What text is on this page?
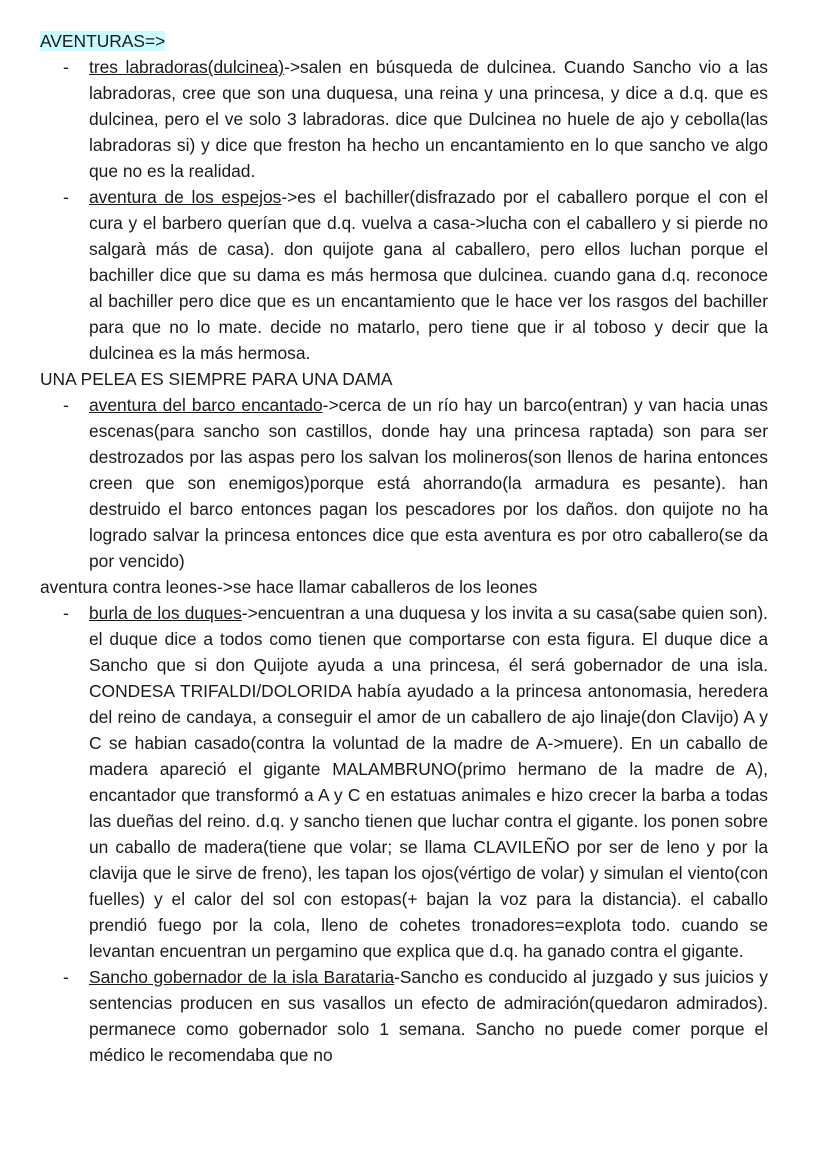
AVENTURAS=>
- tres labradoras(dulcinea)->salen en búsqueda de dulcinea. Cuando Sancho vio a las labradoras, cree que son una duquesa, una reina y una princesa, y dice a d.q. que es dulcinea, pero el ve solo 3 labradoras. dice que Dulcinea no huele de ajo y cebolla(las labradoras si) y dice que freston ha hecho un encantamiento en lo que sancho ve algo que no es la realidad.
- aventura de los espejos->es el bachiller(disfrazado por el caballero porque el con el cura y el barbero querían que d.q. vuelva a casa->lucha con el caballero y si pierde no salgarà más de casa). don quijote gana al caballero, pero ellos luchan porque el bachiller dice que su dama es más hermosa que dulcinea. cuando gana d.q. reconoce al bachiller pero dice que es un encantamiento que le hace ver los rasgos del bachiller para que no lo mate. decide no matarlo, pero tiene que ir al toboso y decir que la dulcinea es la más hermosa.
UNA PELEA ES SIEMPRE PARA UNA DAMA
- aventura del barco encantado->cerca de un río hay un barco(entran) y van hacia unas escenas(para sancho son castillos, donde hay una princesa raptada) son para ser destrozados por las aspas pero los salvan los molineros(son llenos de harina entonces creen que son enemigos)porque está ahorrando(la armadura es pesante). han destruido el barco entonces pagan los pescadores por los daños. don quijote no ha logrado salvar la princesa entonces dice que esta aventura es por otro caballero(se da por vencido)
aventura contra leones->se hace llamar caballeros de los leones
- burla de los duques->encuentran a una duquesa y los invita a su casa(sabe quien son). el duque dice a todos como tienen que comportarse con esta figura. El duque dice a Sancho que si don Quijote ayuda a una princesa, él será gobernador de una isla. CONDESA TRIFALDI/DOLORIDA había ayudado a la princesa antonomasia, heredera del reino de candaya, a conseguir el amor de un caballero de ajo linaje(don Clavijo) A y C se habian casado(contra la voluntad de la madre de A->muere). En un caballo de madera apareció el gigante MALAMBRUNO(primo hermano de la madre de A), encantador que transformó a A y C en estatuas animales e hizo crecer la barba a todas las dueñas del reino. d.q. y sancho tienen que luchar contra el gigante. los ponen sobre un caballo de madera(tiene que volar; se llama CLAVILEÑO por ser de leno y por la clavija que le sirve de freno), les tapan los ojos(vértigo de volar) y simulan el viento(con fuelles) y el calor del sol con estopas(+ bajan la voz para la distancia). el caballo prendió fuego por la cola, lleno de cohetes tronadores=explota todo. cuando se levantan encuentran un pergamino que explica que d.q. ha ganado contra el gigante.
- Sancho gobernador de la isla Barataria-Sancho es conducido al juzgado y sus juicios y sentencias producen en sus vasallos un efecto de admiración(quedaron admirados). permanece como gobernador solo 1 semana. Sancho no puede comer porque el médico le recomendaba que no
